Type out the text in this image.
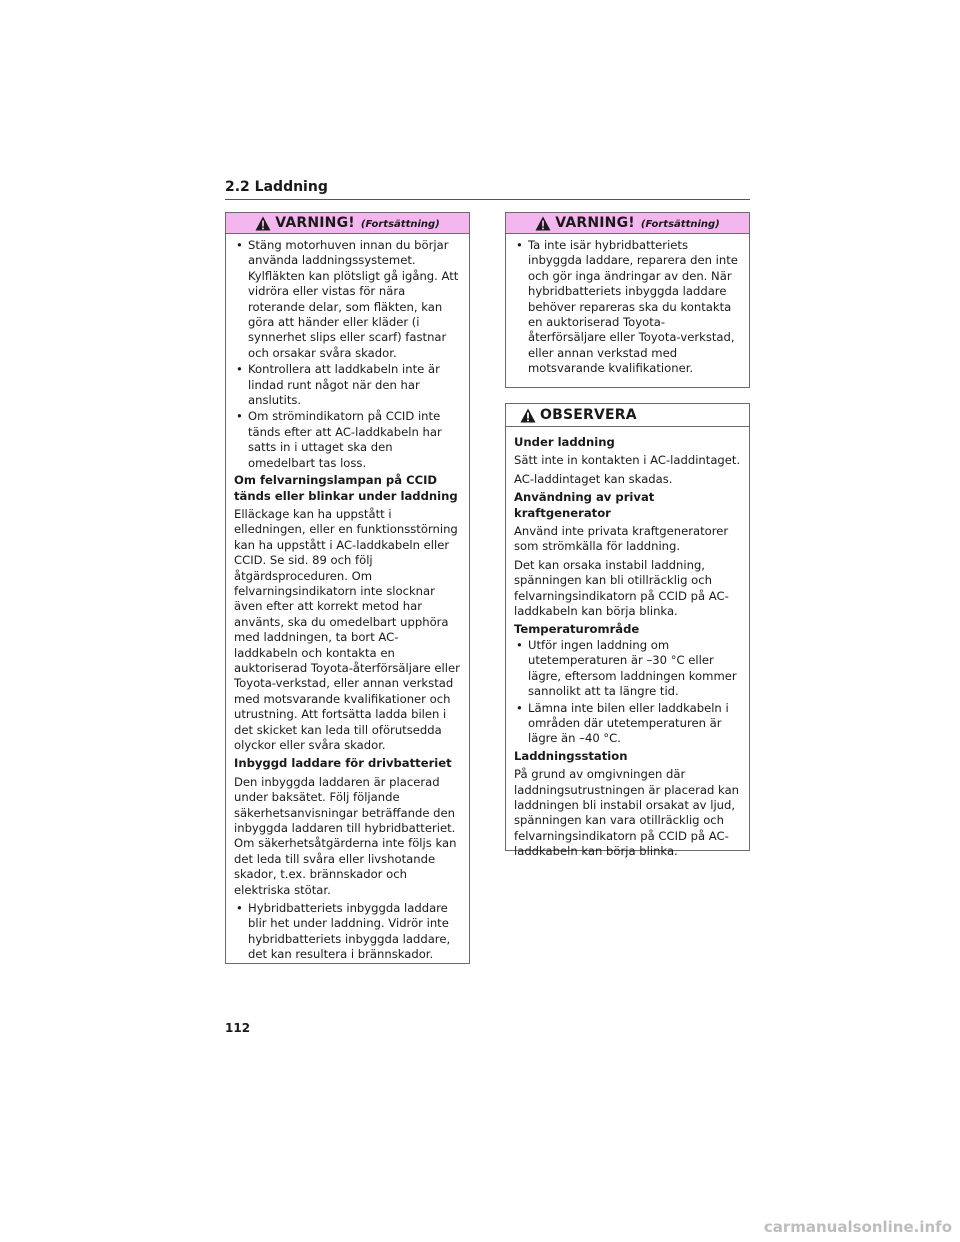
2.2 Laddning
VARNING! (Fortsättning)
• Stäng motorhuven innan du börjar använda laddningssystemet. Kylfläkten kan plötsligt gå igång. Att vidröra eller vistas för nära roterande delar, som fläkten, kan göra att händer eller kläder (i synnerhet slips eller scarf) fastnar och orsakar svåra skador.
• Kontrollera att laddkabeln inte är lindad runt något när den har anslutits.
• Om strömindikatorn på CCID inte tänds efter att AC-laddkabeln har satts in i uttaget ska den omedelbart tas loss.
Om felvarningslampan på CCID tänds eller blinkar under laddning
Elläckage kan ha uppstått i elledningen, eller en funktionsstörning kan ha uppstått i AC-laddkabeln eller CCID. Se sid. 89 och följ åtgärdsproceduren. Om felvarningsindikatorn inte slocknar även efter att korrekt metod har använts, ska du omedelbart upphöra med laddningen, ta bort AC-laddkabeln och kontakta en auktoriserad Toyota-återförsäljare eller Toyota-verkstad, eller annan verkstad med motsvarande kvalifikationer och utrustning. Att fortsätta ladda bilen i det skicket kan leda till oförutsedda olyckor eller svåra skador.
Inbyggd laddare för drivbatteriet
Den inbyggda laddaren är placerad under baksätet. Följ följande säkerhetsanvisningar beträffande den inbyggda laddaren till hybridbatteriet. Om säkerhetsåtgärderna inte följs kan det leda till svåra eller livshotande skador, t.ex. brännskador och elektriska stötar.
• Hybridbatteriets inbyggda laddare blir het under laddning. Vidrör inte hybridbatteriets inbyggda laddare, det kan resultera i brännskador.
VARNING! (Fortsättning)
• Ta inte isär hybridbatteriets inbyggda laddare, reparera den inte och gör inga ändringar av den. När hybridbatteriets inbyggda laddare behöver repareras ska du kontakta en auktoriserad Toyota-återförsäljare eller Toyota-verkstad, eller annan verkstad med motsvarande kvalifikationer.
OBSERVERA
Under laddning
Sätt inte in kontakten i AC-laddintaget.
AC-laddintaget kan skadas.
Användning av privat kraftgenerator
Använd inte privata kraftgeneratorer som strömkälla för laddning.
Det kan orsaka instabil laddning, spänningen kan bli otillräcklig och felvarningsindikatorn på CCID på AC-laddkabeln kan börja blinka.
Temperaturområde
• Utför ingen laddning om utetemperaturen är –30 °C eller lägre, eftersom laddningen kommer sannolikt att ta längre tid.
• Lämna inte bilen eller laddkabeln i områden där utetemperaturen är lägre än –40 °C.
Laddningsstation
På grund av omgivningen där laddningsutrustningen är placerad kan laddningen bli instabil orsakat av ljud, spänningen kan vara otillräcklig och felvarningsindikatorn på CCID på AC-laddkabeln kan börja blinka.
112
carmanualsonline.info
